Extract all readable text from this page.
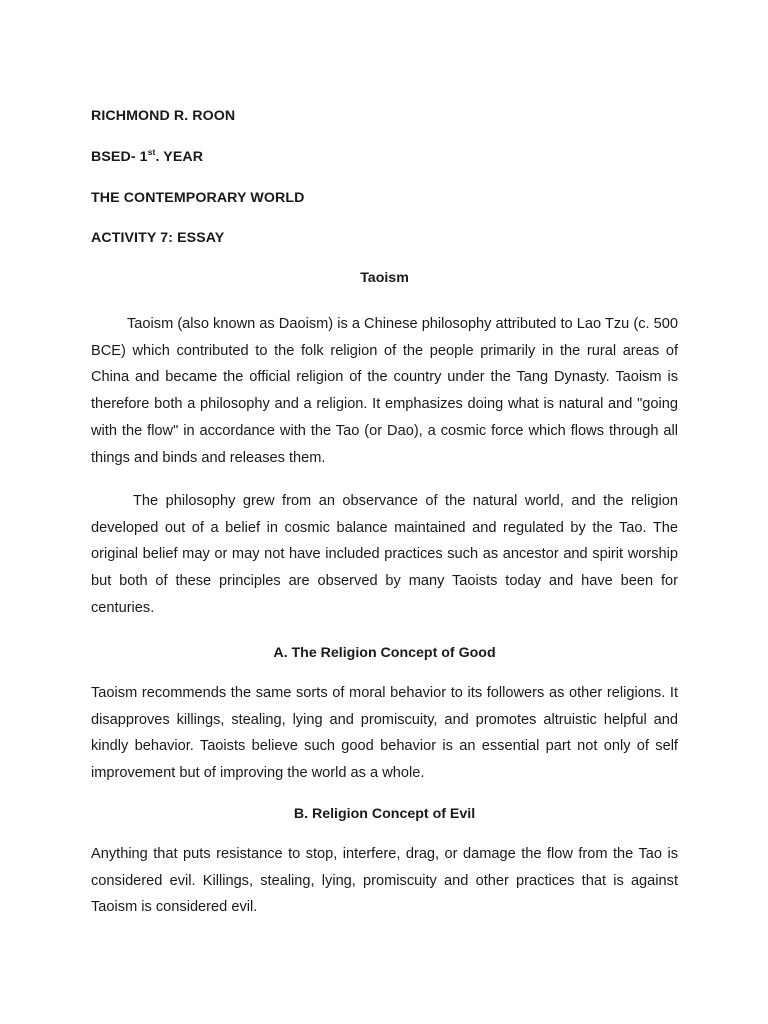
RICHMOND R. ROON
BSED- 1st. YEAR
THE CONTEMPORARY WORLD
ACTIVITY 7: ESSAY
Taoism

Taoism (also known as Daoism) is a Chinese philosophy attributed to Lao Tzu (c. 500 BCE) which contributed to the folk religion of the people primarily in the rural areas of China and became the official religion of the country under the Tang Dynasty. Taoism is therefore both a philosophy and a religion. It emphasizes doing what is natural and "going with the flow" in accordance with the Tao (or Dao), a cosmic force which flows through all things and binds and releases them.

The philosophy grew from an observance of the natural world, and the religion developed out of a belief in cosmic balance maintained and regulated by the Tao. The original belief may or may not have included practices such as ancestor and spirit worship but both of these principles are observed by many Taoists today and have been for centuries.

A. The Religion Concept of Good

Taoism recommends the same sorts of moral behavior to its followers as other religions. It disapproves killings, stealing, lying and promiscuity, and promotes altruistic helpful and kindly behavior. Taoists believe such good behavior is an essential part not only of self improvement but of improving the world as a whole.

B. Religion Concept of Evil

Anything that puts resistance to stop, interfere, drag, or damage the flow from the Tao is considered evil. Killings, stealing, lying, promiscuity and other practices that is against Taoism is considered evil.
